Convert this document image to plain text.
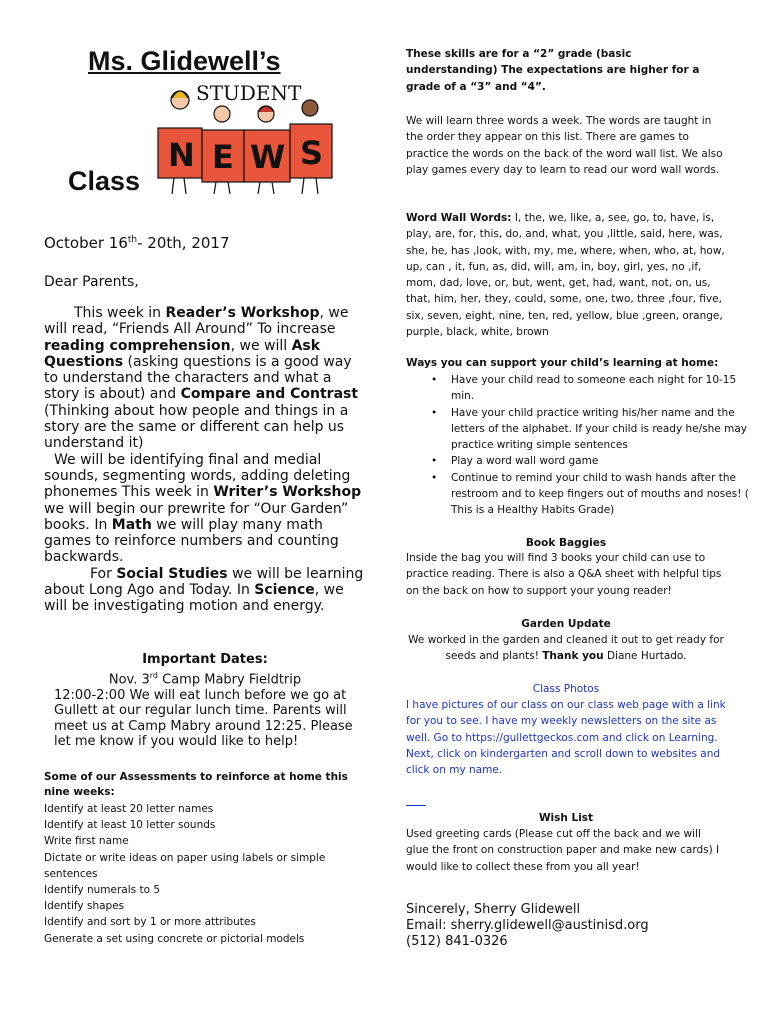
Ms. Glidewell’s
STUDENT
N E W S
Class
October 16th- 20th, 2017
Dear Parents,
This week in Reader’s Workshop, we will read, “Friends All Around” To increase reading comprehension, we will Ask Questions (asking questions is a good way to understand the characters and what a story is about) and Compare and Contrast (Thinking about how people and things in a story are the same or different can help us understand it)
We will be identifying final and medial sounds, segmenting words, adding deleting phonemes This week in Writer’s Workshop we will begin our prewrite for “Our Garden” books. In Math we will play many math games to reinforce numbers and counting backwards.
For Social Studies we will be learning about Long Ago and Today. In Science, we will be investigating motion and energy.
Important Dates:
Nov. 3rd Camp Mabry Fieldtrip
12:00-2:00 We will eat lunch before we go at Gullett at our regular lunch time. Parents will meet us at Camp Mabry around 12:25. Please let me know if you would like to help!
Some of our Assessments to reinforce at home this nine weeks:
Identify at least 20 letter names
Identify at least 10 letter sounds
Write first name
Dictate or write ideas on paper using labels or simple sentences
Identify numerals to 5
Identify shapes
Identify and sort by 1 or more attributes
Generate a set using concrete or pictorial models
These skills are for a “2” grade (basic understanding) The expectations are higher for a grade of a “3” and “4”.
We will learn three words a week. The words are taught in the order they appear on this list. There are games to practice the words on the back of the word wall list. We also play games every day to learn to read our word wall words.
Word Wall Words: I, the, we, like, a, see, go, to, have, is, play, are, for, this, do, and, what, you ,little, said, here, was, she, he, has ,look, with, my, me, where, when, who, at, how, up, can , it, fun, as, did, will, am, in, boy, girl, yes, no ,if, mom, dad, love, or, but, went, get, had, want, not, on, us, that, him, her, they, could, some, one, two, three ,four, five, six, seven, eight, nine, ten, red, yellow, blue ,green, orange, purple, black, white, brown
Ways you can support your child’s learning at home:
• Have your child read to someone each night for 10-15 min.
• Have your child practice writing his/her name and the letters of the alphabet. If your child is ready he/she may practice writing simple sentences
• Play a word wall word game
• Continue to remind your child to wash hands after the restroom and to keep fingers out of mouths and noses! ( This is a Healthy Habits Grade)
Book Baggies
Inside the bag you will find 3 books your child can use to practice reading. There is also a Q&A sheet with helpful tips on the back on how to support your young reader!
Garden Update
We worked in the garden and cleaned it out to get ready for seeds and plants! Thank you Diane Hurtado.
Class Photos
I have pictures of our class on our class web page with a link for you to see. I have my weekly newsletters on the site as well. Go to https://gullettgeckos.com and click on Learning. Next, click on kindergarten and scroll down to websites and click on my name.
Wish List
Used greeting cards (Please cut off the back and we will glue the front on construction paper and make new cards) I would like to collect these from you all year!
Sincerely, Sherry Glidewell
Email: sherry.glidewell@austinisd.org
(512) 841-0326
